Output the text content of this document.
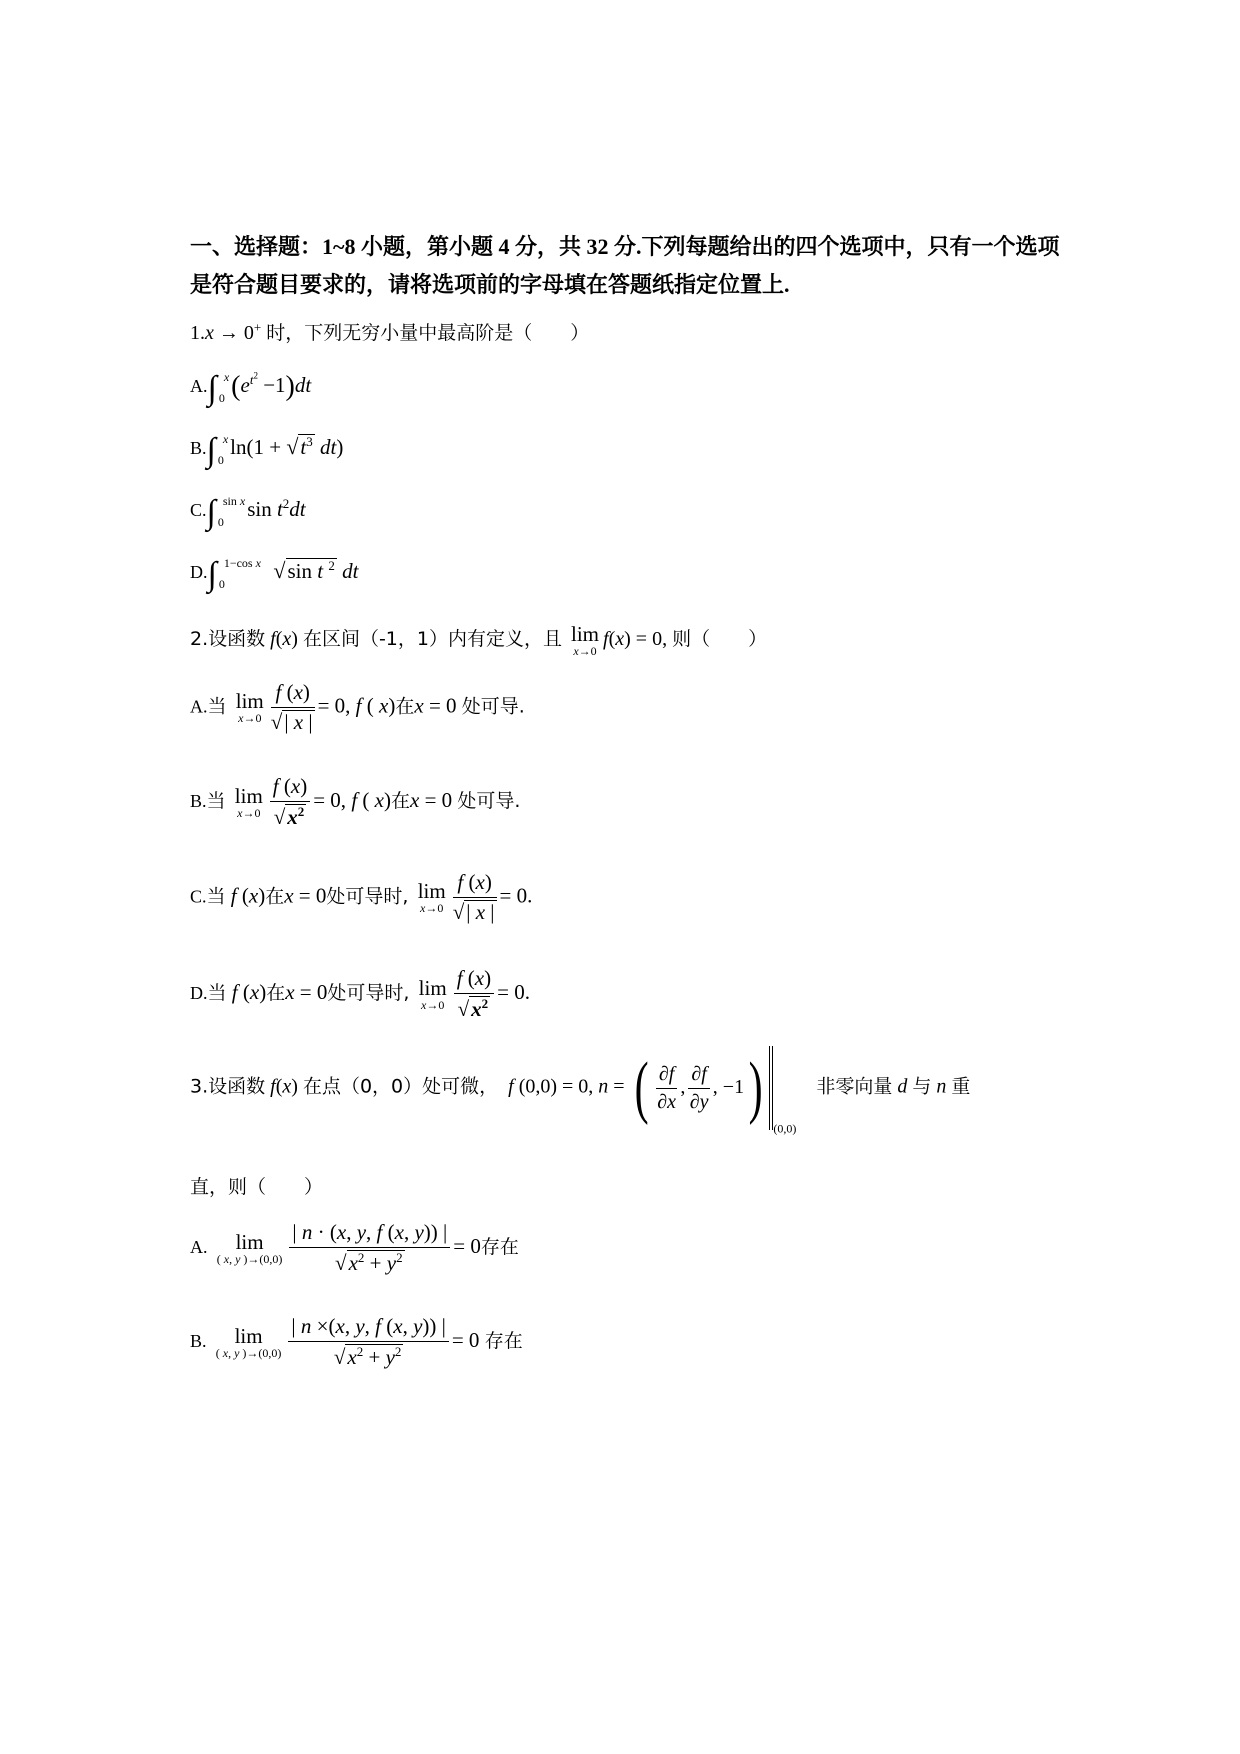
一、选择题：1~8 小题，第小题 4 分，共 32 分.下列每题给出的四个选项中，只有一个选项
是符合题目要求的，请将选项前的字母填在答题纸指定位置上.
1.x → 0+ 时，下列无穷小量中最高阶是（　　）
A.∫ x
0 $(e^{t^2} -1)dt$
B.∫ x
0
$\ln(1 + √t^3$ dt)
C.∫ sin x
0
$\sin t^2dt$
D.∫ 1−cos x
0
√sin t $^2$ dt
2.设函数 f(x) 在区间（-1，1）内有定义，且 lim
x→0
f(x) = 0, 则（　　）
A.当 lim
$x\to 0 \frac{f (x)}{√| x |} = 0$, f ( x)在x = 0 处可导.
B.当 lim
$x\to 0 \frac{f (x)}{√x^2} = 0$, f ( x)在x = 0 处可导.
C.当 f (x)在x = 0处可导时, lim
$x\to 0 \frac{f (x)}{√| x |} = 0$.
D.当 f (x)在x = 0处可导时, lim
$x\to 0 \frac{f (x)}{√x^2} = 0$.
3.设函数 f(x) 在点（0，0）处可微， f (0,0) = 0, n = ( $\frac{\partial f}{\partial x}$ , $\frac{\partial f}{\partial y}$ , $-1)_{(0,0)}$    非零向量 d 与 n 重
直，则（　　）
A.	lim
( x, y )$\to(0,0) \frac{| n \cdot (x, y, f (x, y)) |}{√x^2 + y^2} = 0$存在
B.	lim
( x, y )$\to(0,0) \frac{| n \times(x, y, f (x, y)) |}{√x^2 + y^2} = 0$ 存在
